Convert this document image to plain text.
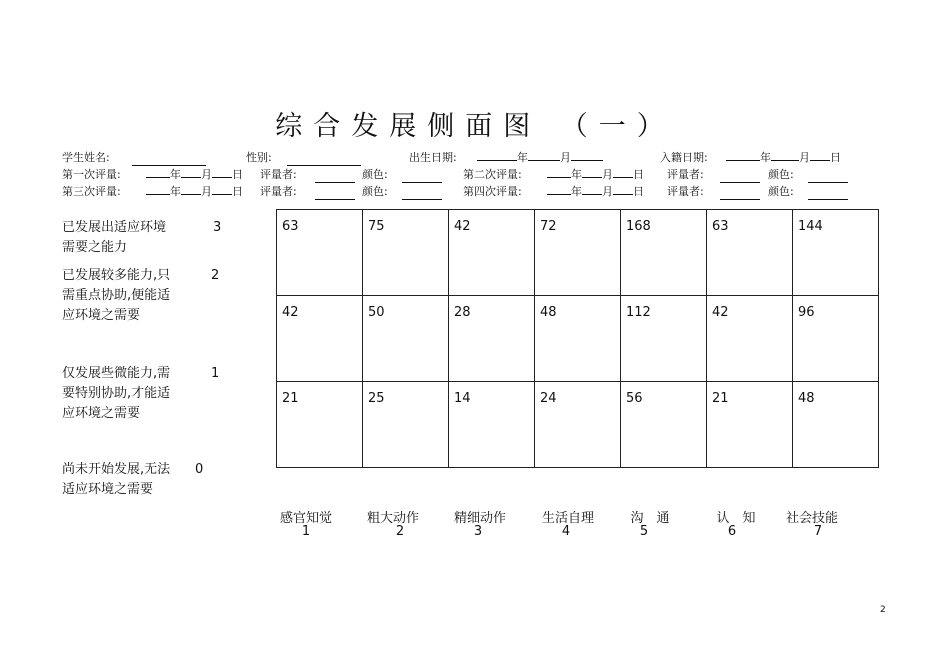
综合发展侧面图 （一）
学生姓名:	性别:	出生日期:	年	月	入籍日期:	年	月 日
第一次评量:	年 月 日 评量者:	颜色:	第二次评量:	年 月 日 评量者:	颜色:
第三次评量:	年 月 日 评量者:	颜色:	第四次评量:	年 月 日 评量者:	颜色:
已发展出适应环境需要之能力
3
已发展较多能力,只需重点协助,便能适应环境之需要
2
仅发展些微能力,需要特别协助,才能适应环境之需要
1
尚未开始发展,无法适应环境之需要
0
63	75	42	72	168	63	144
42	50	28	48	112	42	96
21	25	14	24	56	21	48
感官知觉
1
粗大动作
2
精细动作
3
生活自理
4
沟　通
5
认　知
6
社会技能
7
2
